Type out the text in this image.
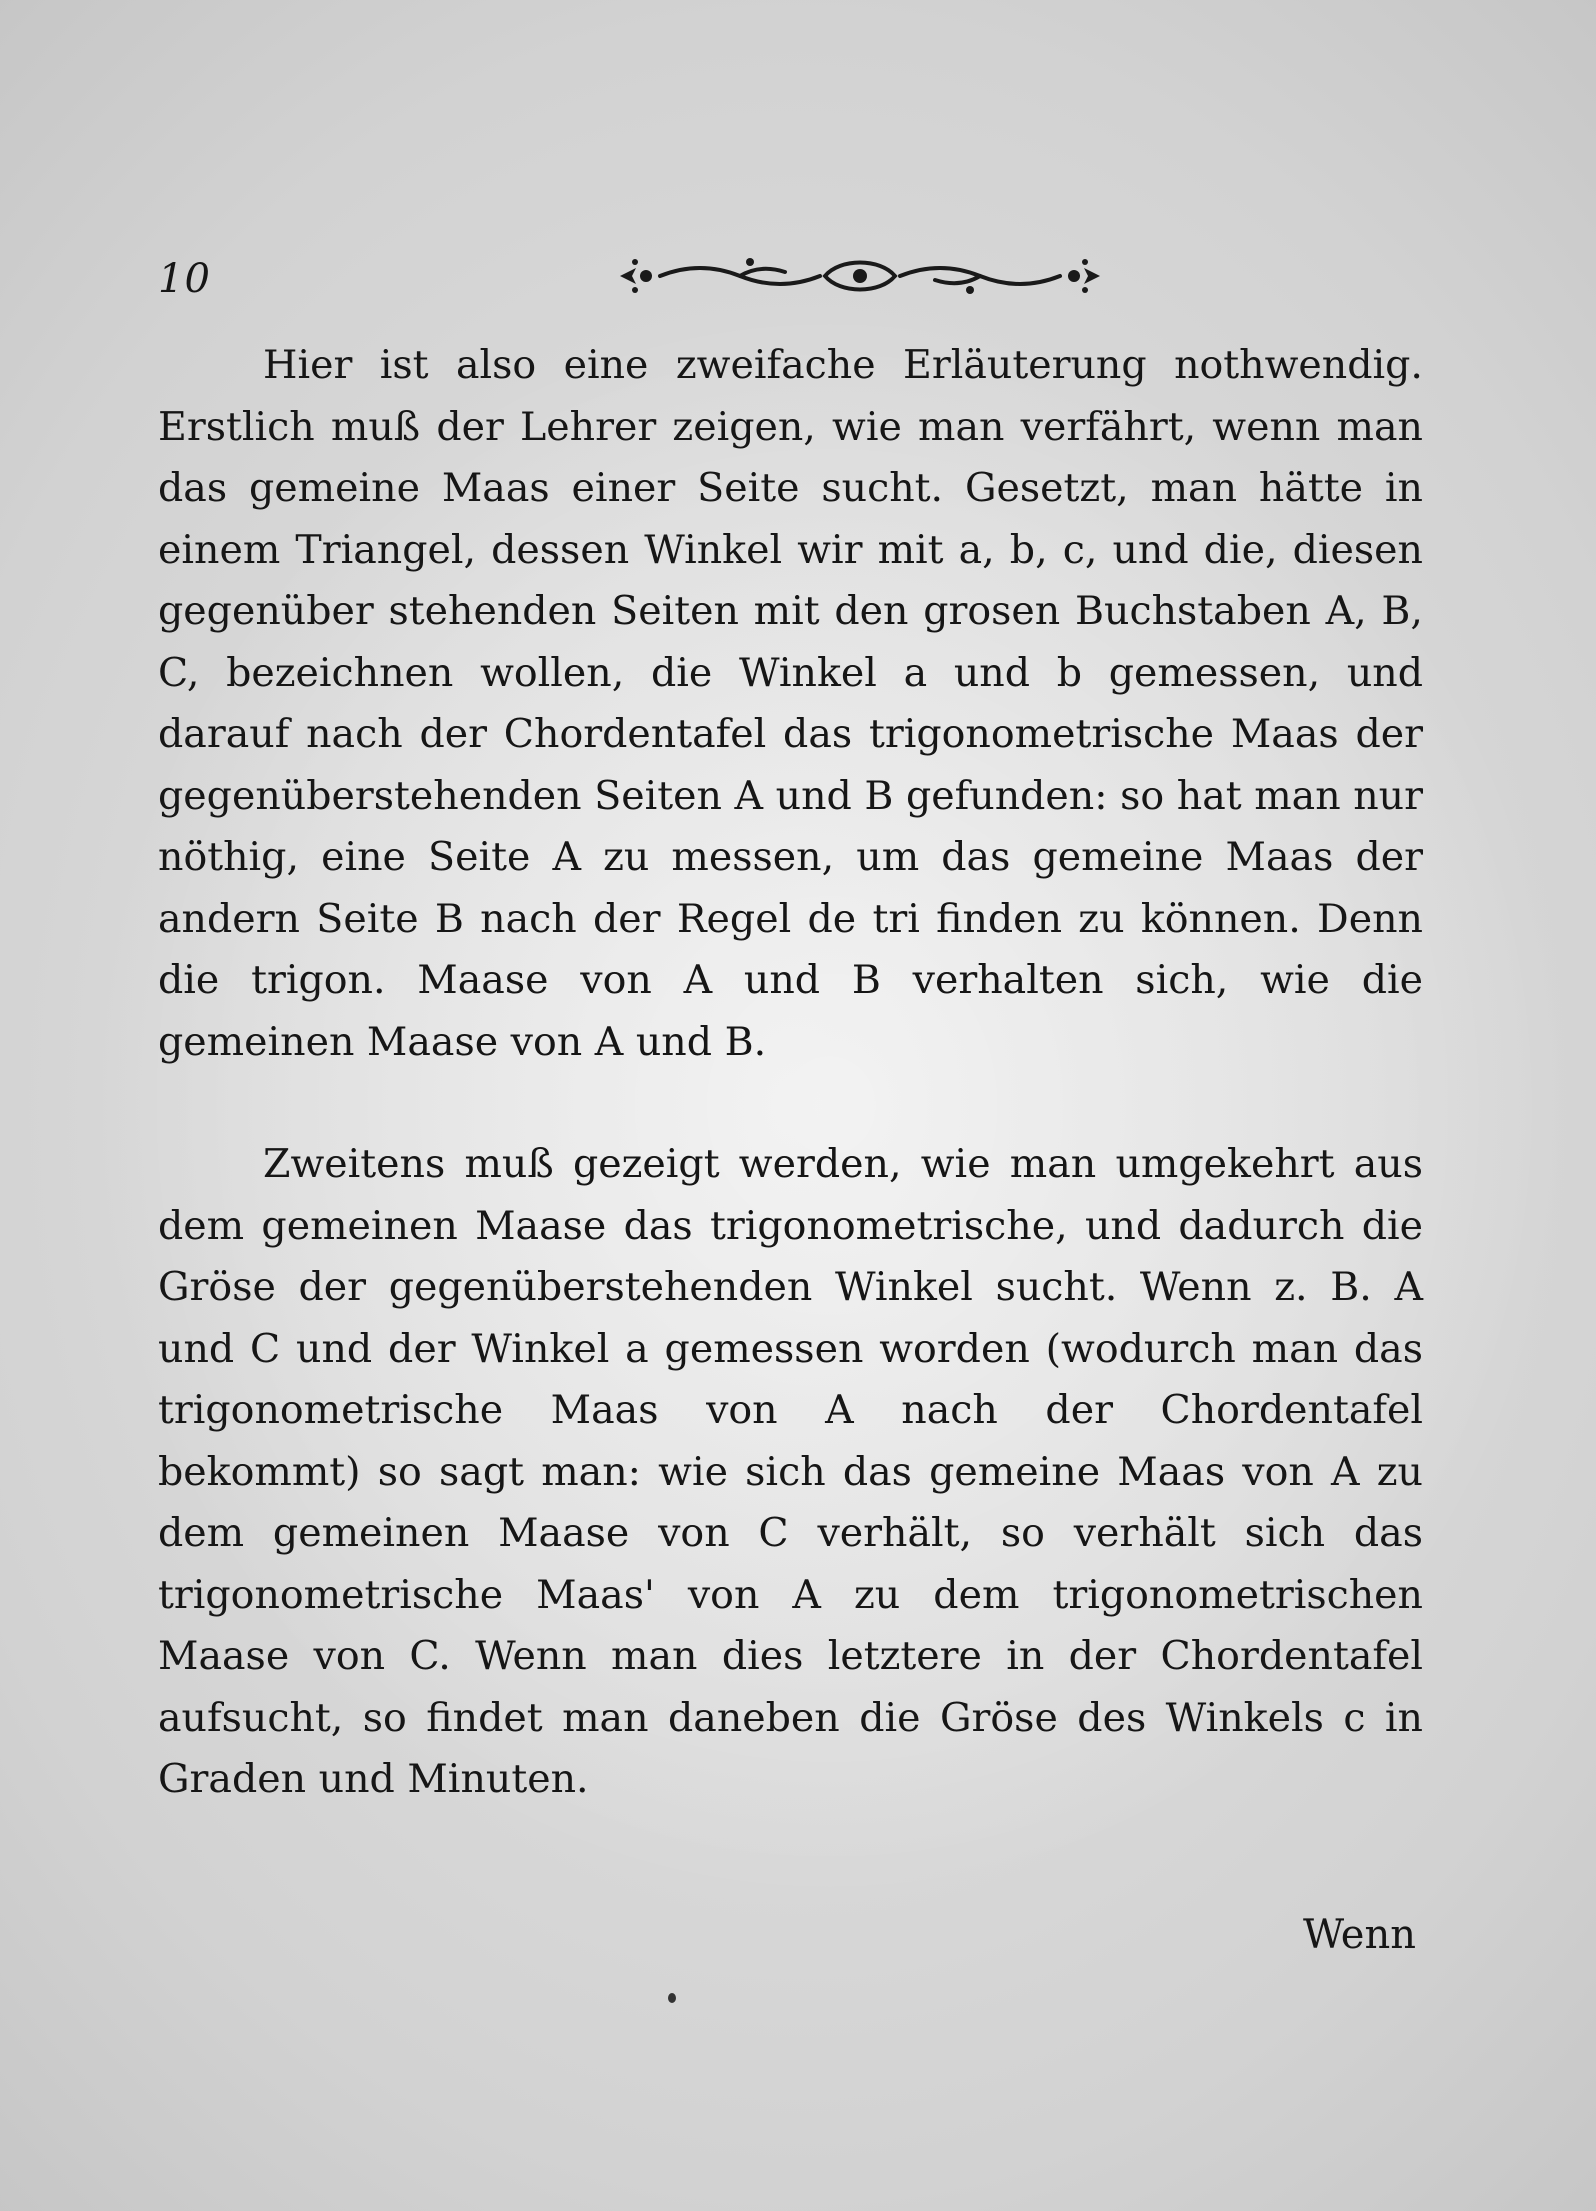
10

Hier ist also eine zweifache Erläuterung nothwendig. Erstlich muß der Lehrer zeigen, wie man verfährt, wenn man das gemeine Maas einer Seite sucht. Gesetzt, man hätte in einem Triangel, dessen Winkel wir mit a, b, c, und die, diesen gegenüber stehenden Seiten mit den grosen Buchstaben A, B, C, bezeichnen wollen, die Winkel a und b gemessen, und darauf nach der Chordentafel das trigonometrische Maas der gegenüberstehenden Seiten A und B gefunden: so hat man nur nöthig, eine Seite A zu messen, um das gemeine Maas der andern Seite B nach der Regel de tri finden zu können. Denn die trigon. Maase von A und B verhalten sich, wie die gemeinen Maase von A und B.

Zweitens muß gezeigt werden, wie man umgekehrt aus dem gemeinen Maase das trigonometrische, und dadurch die Gröse der gegenüberstehenden Winkel sucht. Wenn z. B. A und C und der Winkel a gemessen worden (wodurch man das trigonometrische Maas von A nach der Chordentafel bekommt) so sagt man: wie sich das gemeine Maas von A zu dem gemeinen Maase von C verhält, so verhält sich das trigonometrische Maas' von A zu dem trigonometrischen Maase von C. Wenn man dies letztere in der Chordentafel aufsucht, so findet man daneben die Gröse des Winkels c in Graden und Minuten.

Wenn
